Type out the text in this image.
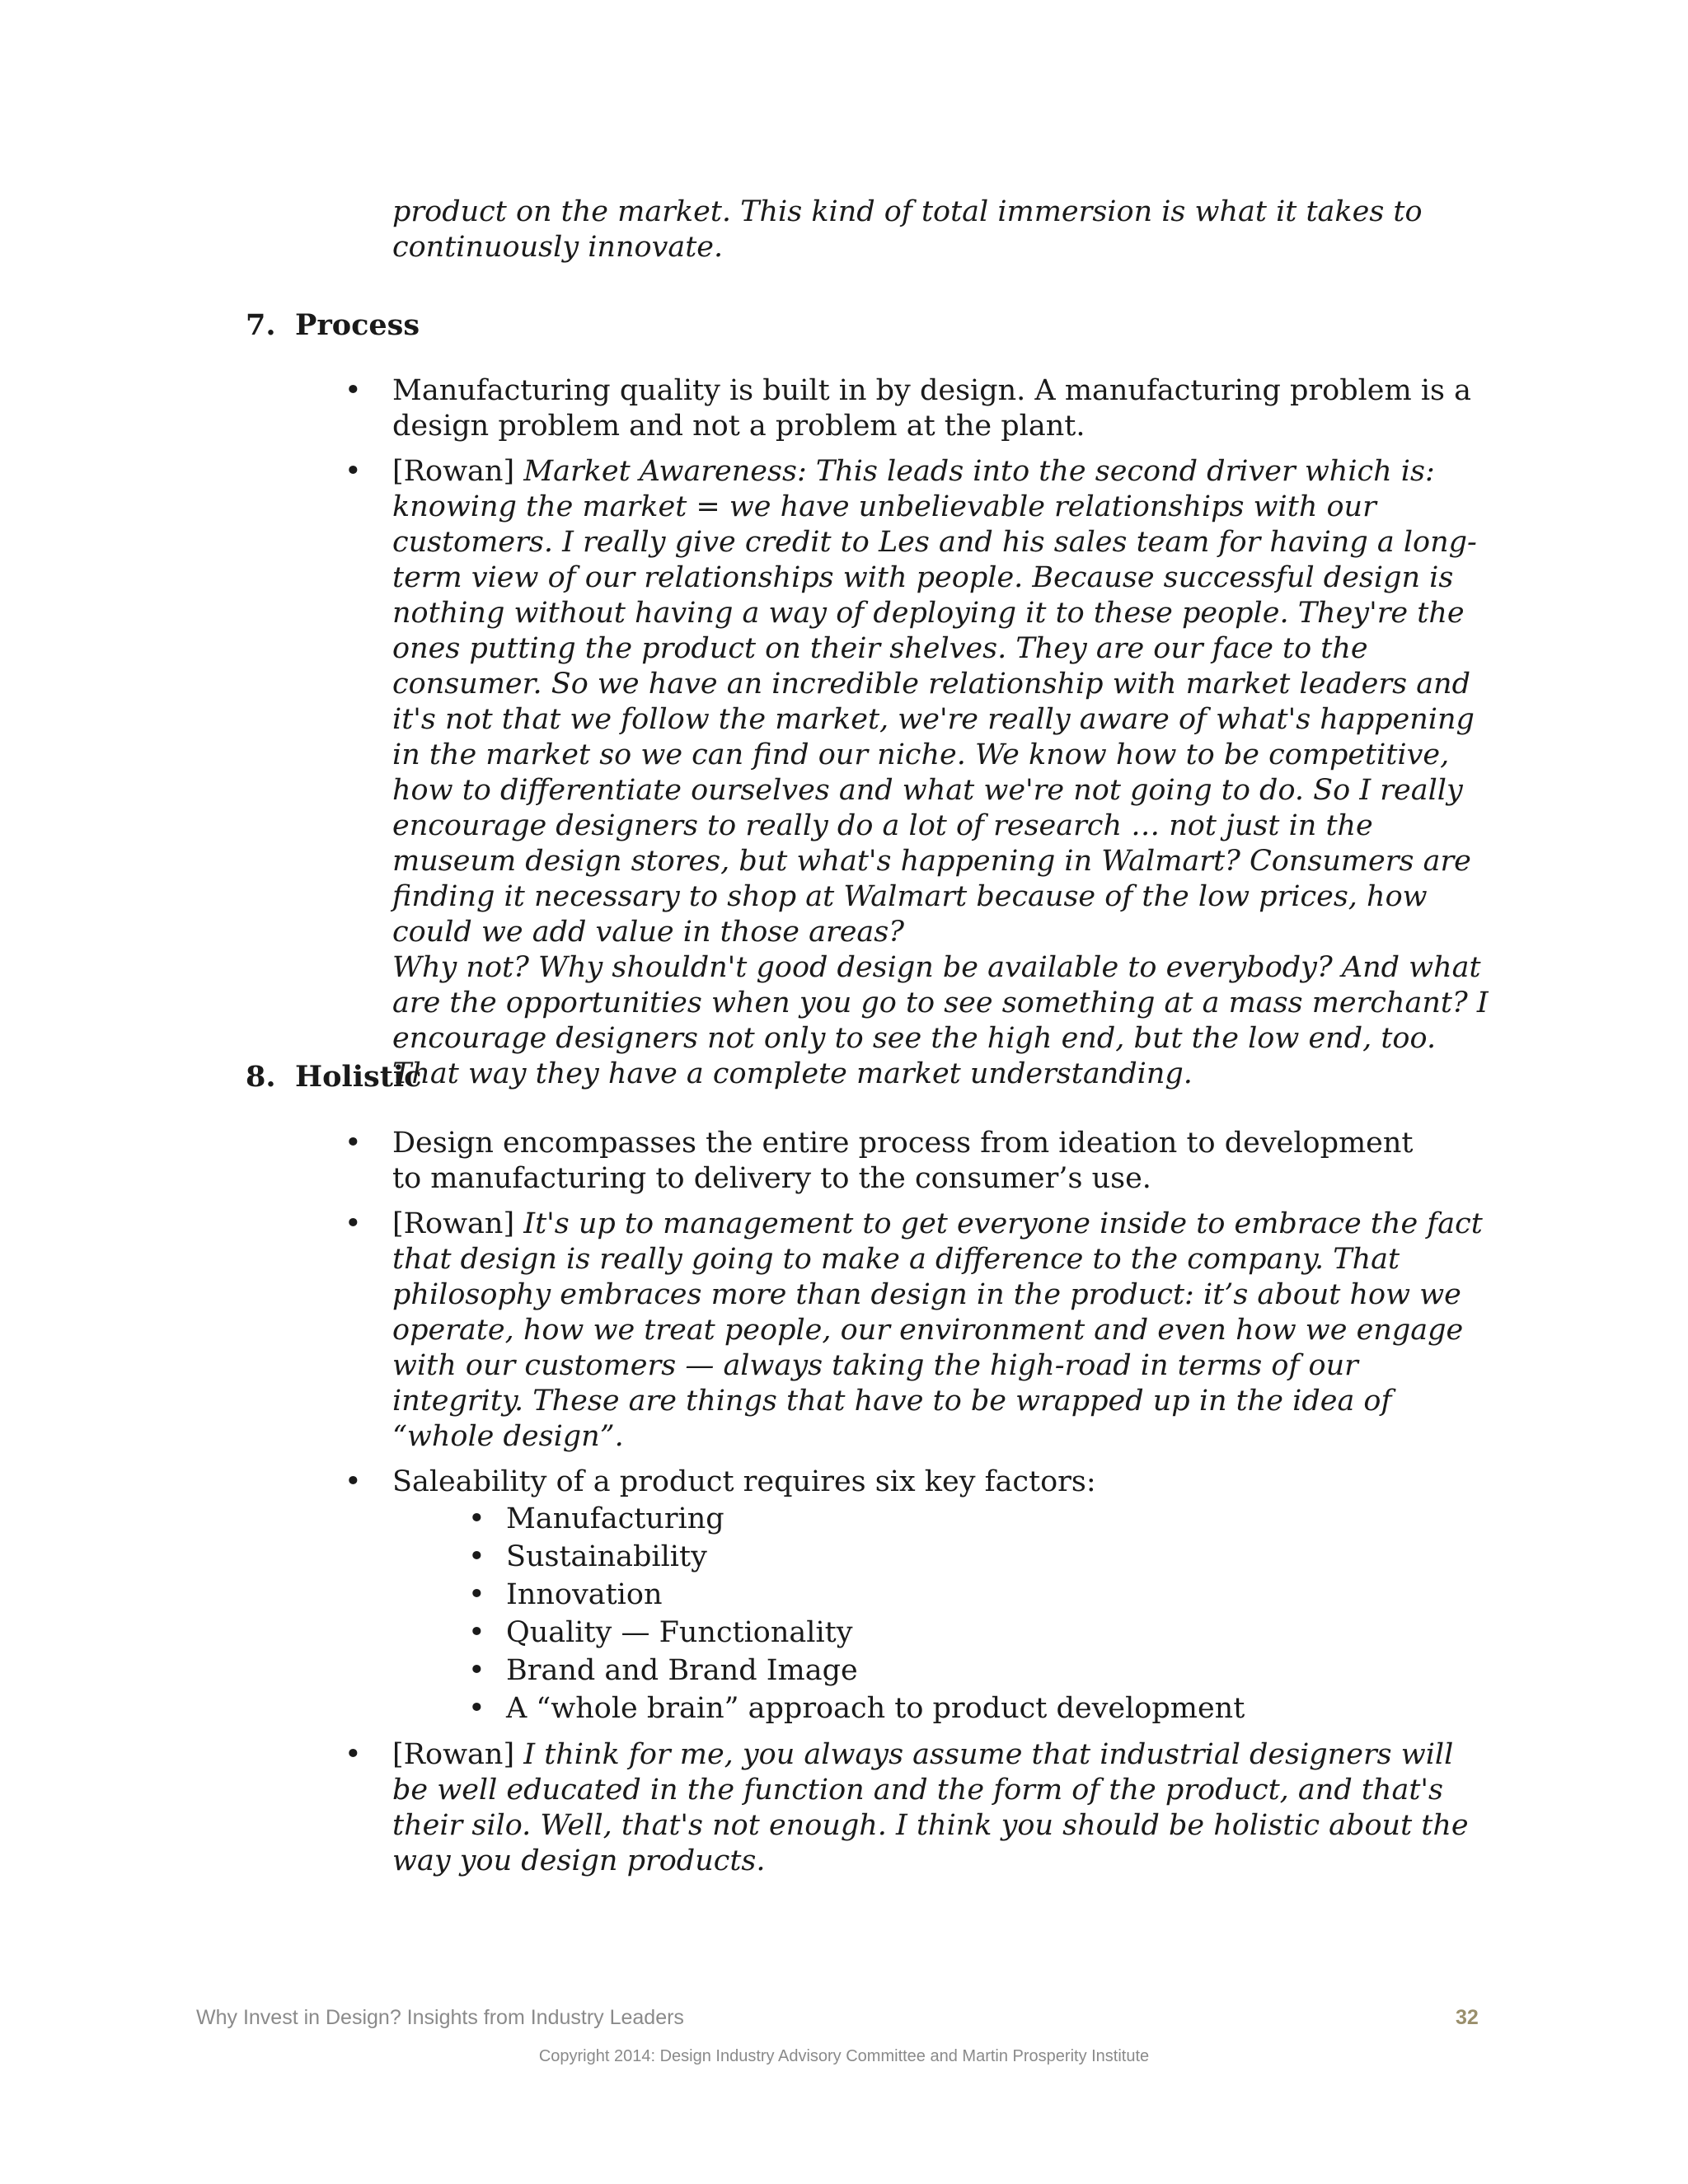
product on the market. This kind of total immersion is what it takes to

continuously innovate.

7. Process

• Manufacturing quality is built in by design. A manufacturing problem is a design problem and not a problem at the plant.

• [Rowan] Market Awareness: This leads into the second driver which is: knowing the market = we have unbelievable relationships with our customers. I really give credit to Les and his sales team for having a long-term view of our relationships with people. Because successful design is nothing without having a way of deploying it to these people. They're the ones putting the product on their shelves. They are our face to the consumer. So we have an incredible relationship with market leaders and it's not that we follow the market, we're really aware of what's happening in the market so we can find our niche. We know how to be competitive, how to differentiate ourselves and what we're not going to do. So I really encourage designers to really do a lot of research … not just in the museum design stores, but what's happening in Walmart? Consumers are finding it necessary to shop at Walmart because of the low prices, how could we add value in those areas?

Why not? Why shouldn't good design be available to everybody? And what are the opportunities when you go to see something at a mass merchant? I encourage designers not only to see the high end, but the low end, too. That way they have a complete market understanding.

8. Holistic

• Design encompasses the entire process from ideation to development

to manufacturing to delivery to the consumer’s use.

• [Rowan] It's up to management to get everyone inside to embrace the fact that design is really going to make a difference to the company. That philosophy embraces more than design in the product: it’s about how we operate, how we treat people, our environment and even how we engage with our customers — always taking the high-road in terms of our integrity. These are things that have to be wrapped up in the idea of “whole design”.

• Saleability of a product requires six key factors:

• Manufacturing
• Sustainability
• Innovation
• Quality — Functionality
• Brand and Brand Image
• A “whole brain” approach to product development

• [Rowan] I think for me, you always assume that industrial designers will be well educated in the function and the form of the product, and that's their silo. Well, that's not enough. I think you should be holistic about the way you design products.

Why Invest in Design? Insights from Industry Leaders	32
Copyright 2014: Design Industry Advisory Committee and Martin Prosperity Institute
